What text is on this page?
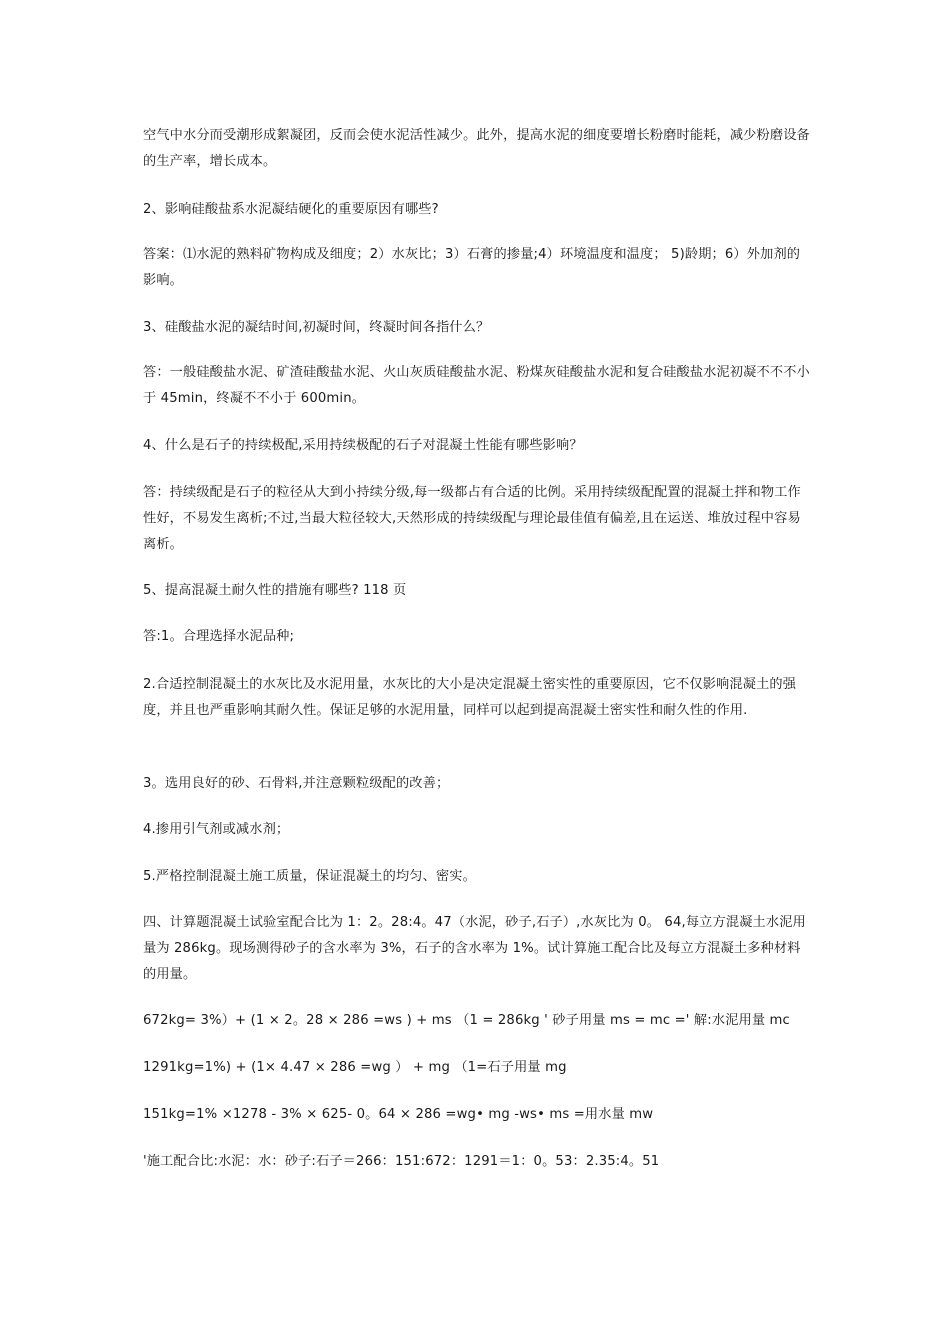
空气中水分而受潮形成絮凝团，反而会使水泥活性减少。此外，提高水泥的细度要增长粉磨时能耗，减少粉磨设备的生产率，增长成本。

2、影响硅酸盐系水泥凝结硬化的重要原因有哪些?

答案：⑴水泥的熟料矿物构成及细度；2）水灰比；3）石膏的掺量;4）环境温度和温度； 5)龄期；6）外加剂的影响。

3、硅酸盐水泥的凝结时间,初凝时间，终凝时间各指什么？

答：一般硅酸盐水泥、矿渣硅酸盐水泥、火山灰质硅酸盐水泥、粉煤灰硅酸盐水泥和复合硅酸盐水泥初凝不不不小于 45min，终凝不不小于 600min。

4、什么是石子的持续极配,采用持续极配的石子对混凝土性能有哪些影响？

答：持续级配是石子的粒径从大到小持续分级,每一级都占有合适的比例。采用持续级配配置的混凝土拌和物工作性好，不易发生离析;不过,当最大粒径较大,天然形成的持续级配与理论最佳值有偏差,且在运送、堆放过程中容易离析。

5、提高混凝土耐久性的措施有哪些? 118 页

答:1。合理选择水泥品种;

2.合适控制混凝土的水灰比及水泥用量，水灰比的大小是决定混凝土密实性的重要原因，它不仅影响混凝土的强度，并且也严重影响其耐久性。保证足够的水泥用量，同样可以起到提高混凝土密实性和耐久性的作用.

3。选用良好的砂、石骨料,并注意颗粒级配的改善；

4.掺用引气剂或减水剂；

5.严格控制混凝土施工质量，保证混凝土的均匀、密实。

四、计算题混凝土试验室配合比为 1：2。28:4。47（水泥，砂子,石子）,水灰比为 0。 64,每立方混凝土水泥用量为 286kg。现场测得砂子的含水率为 3%，石子的含水率为 1%。试计算施工配合比及每立方混凝土多种材料的用量。

672kg= 3%）+ (1 × 2。28 × 286 =ws ) + ms （1 = 286kg ' 砂子用量 ms = mc =' 解:水泥用量 mc

1291kg=1%) + (1× 4.47 × 286 =wg ） + mg （1=石子用量 mg

151kg=1% ×1278 - 3% × 625- 0。64 × 286 =wg• mg -ws• ms =用水量 mw

'施工配合比:水泥：水：砂子:石子＝266：151:672：1291＝1：0。53：2.35:4。51
